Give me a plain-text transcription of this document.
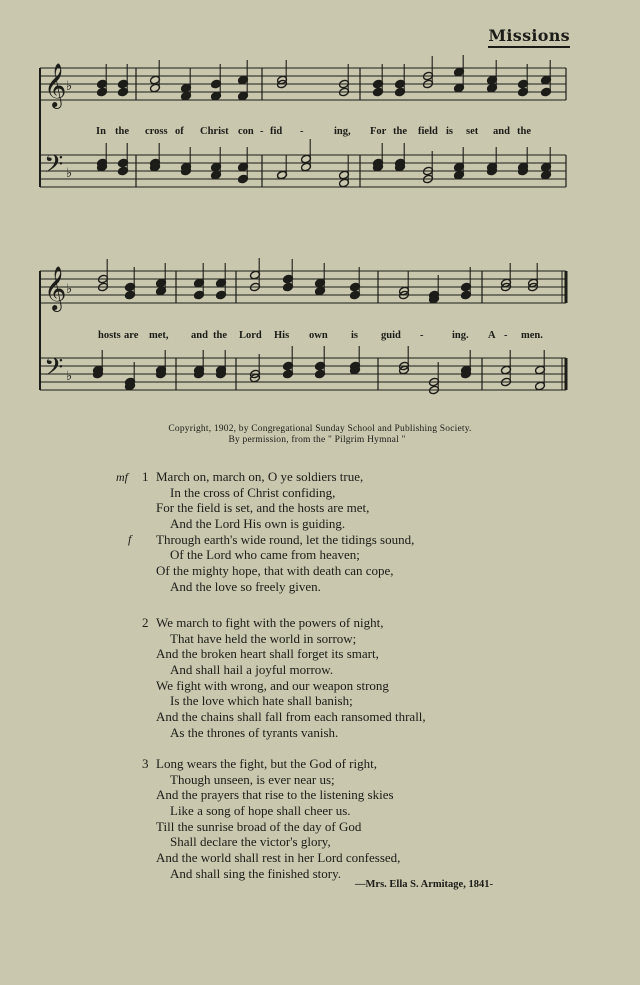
Missions
𝄞
𝄢
♭
♭
In the cross of Christ con - fid -	ing, For the field is set and the
𝄞
𝄢
♭
♭
hosts are met, and the Lord His own is guid -	ing. A - men.
Copyright, 1902, by Congregational Sunday School and Publishing Society.
By permission, from the " Pilgrim Hymnal "
mf 1 March on, march on, O ye soldiers true,
In the cross of Christ confiding,
For the field is set, and the hosts are met,
And the Lord His own is guiding.
f Through earth's wide round, let the tidings sound,
Of the Lord who came from heaven;
Of the mighty hope, that with death can cope,
And the love so freely given.
2 We march to fight with the powers of night,
That have held the world in sorrow;
And the broken heart shall forget its smart,
And shall hail a joyful morrow.
We fight with wrong, and our weapon strong
Is the love which hate shall banish;
And the chains shall fall from each ransomed thrall,
As the thrones of tyrants vanish.
3 Long wears the fight, but the God of right,
Though unseen, is ever near us;
And the prayers that rise to the listening skies
Like a song of hope shall cheer us.
Till the sunrise broad of the day of God
Shall declare the victor's glory,
And the world shall rest in her Lord confessed,
And shall sing the finished story.
—Mrs. Ella S. Armitage, 1841-
